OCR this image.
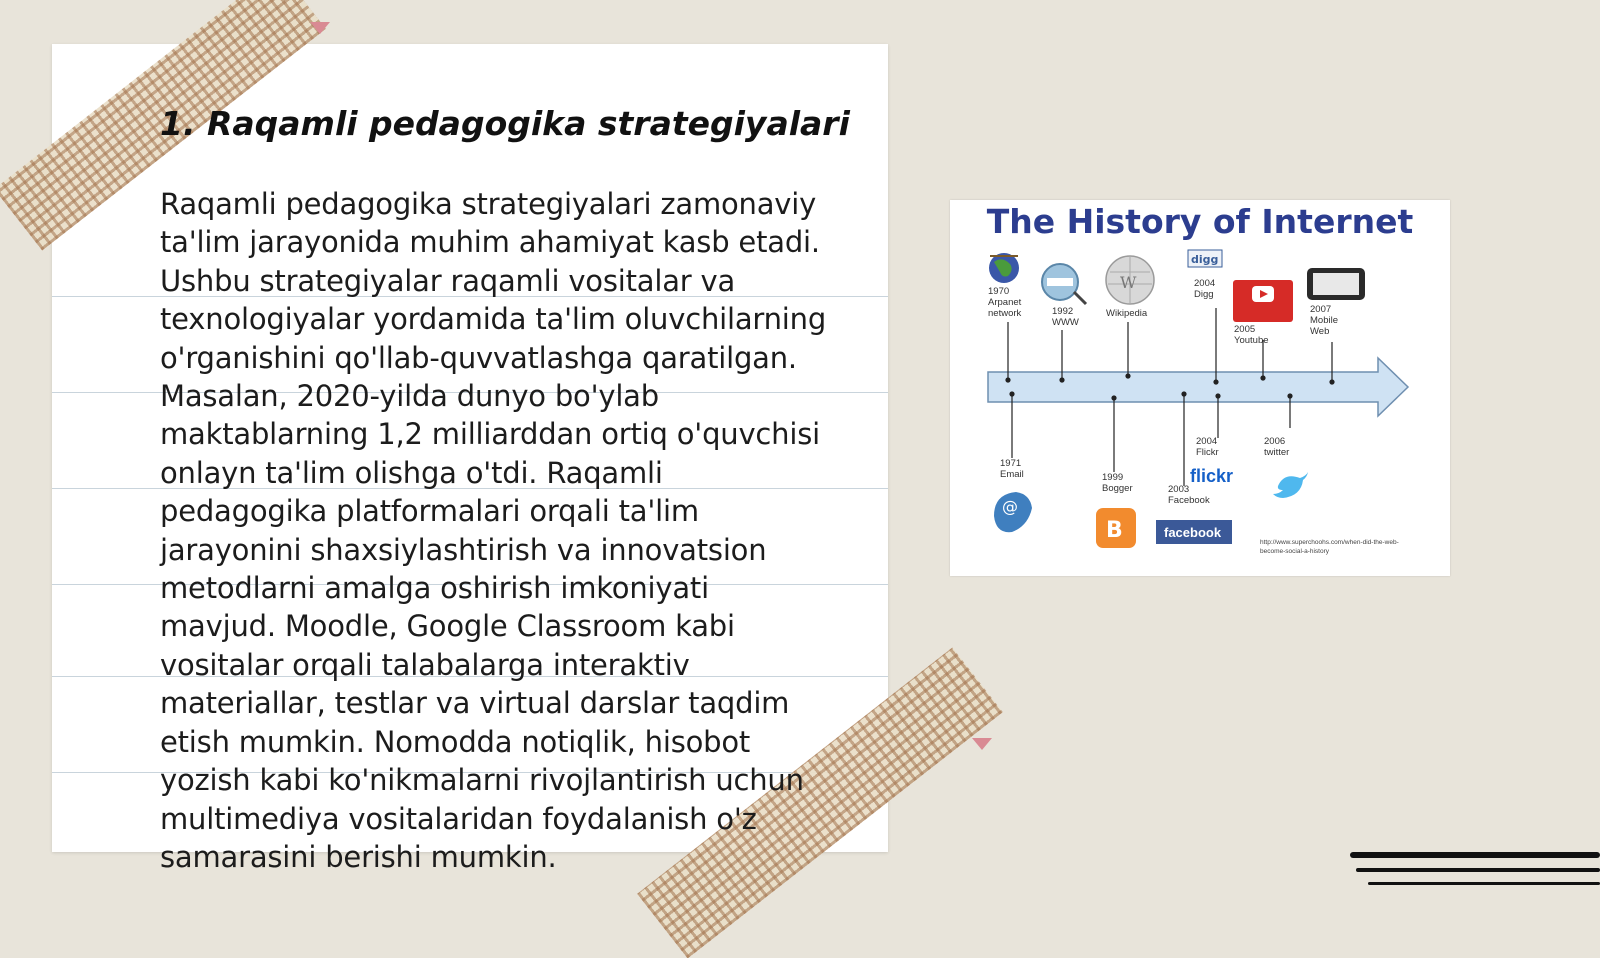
1. Raqamli pedagogika strategiyalari

Raqamli pedagogika strategiyalari zamonaviy ta'lim jarayonida muhim ahamiyat kasb etadi. Ushbu strategiyalar raqamli vositalar va texnologiyalar yordamida ta'lim oluvchilarning o'rganishini qo'llab-quvvatlashga qaratilgan. Masalan, 2020-yilda dunyo bo'ylab maktablarning 1,2 milliarddan ortiq o'quvchisi onlayn ta'lim olishga o'tdi. Raqamli pedagogika platformalari orqali ta'lim jarayonini shaxsiylashtirish va innovatsion metodlarni amalga oshirish imkoniyati mavjud. Moodle, Google Classroom kabi vositalar orqali talabalarga interaktiv materiallar, testlar va virtual darslar taqdim etish mumkin. Nomodda notiqlik, hisobot yozish kabi ko'nikmalarni rivojlantirish uchun multimediya vositalaridan foydalanish o'z samarasini berishi mumkin.

The History of Internet
W
digg
@
B	facebook
flickr
1970
Arpanet
network	1992
WWW
Wikipedia
2004
Digg
2005
Youtube
2007
Mobile
Web
1971
Email	1999
Bogger	2003
Facebook
2004
Flickr
2006
twitter
http://www.superchoohs.com/when-did-the-web-
become-social-a-history
